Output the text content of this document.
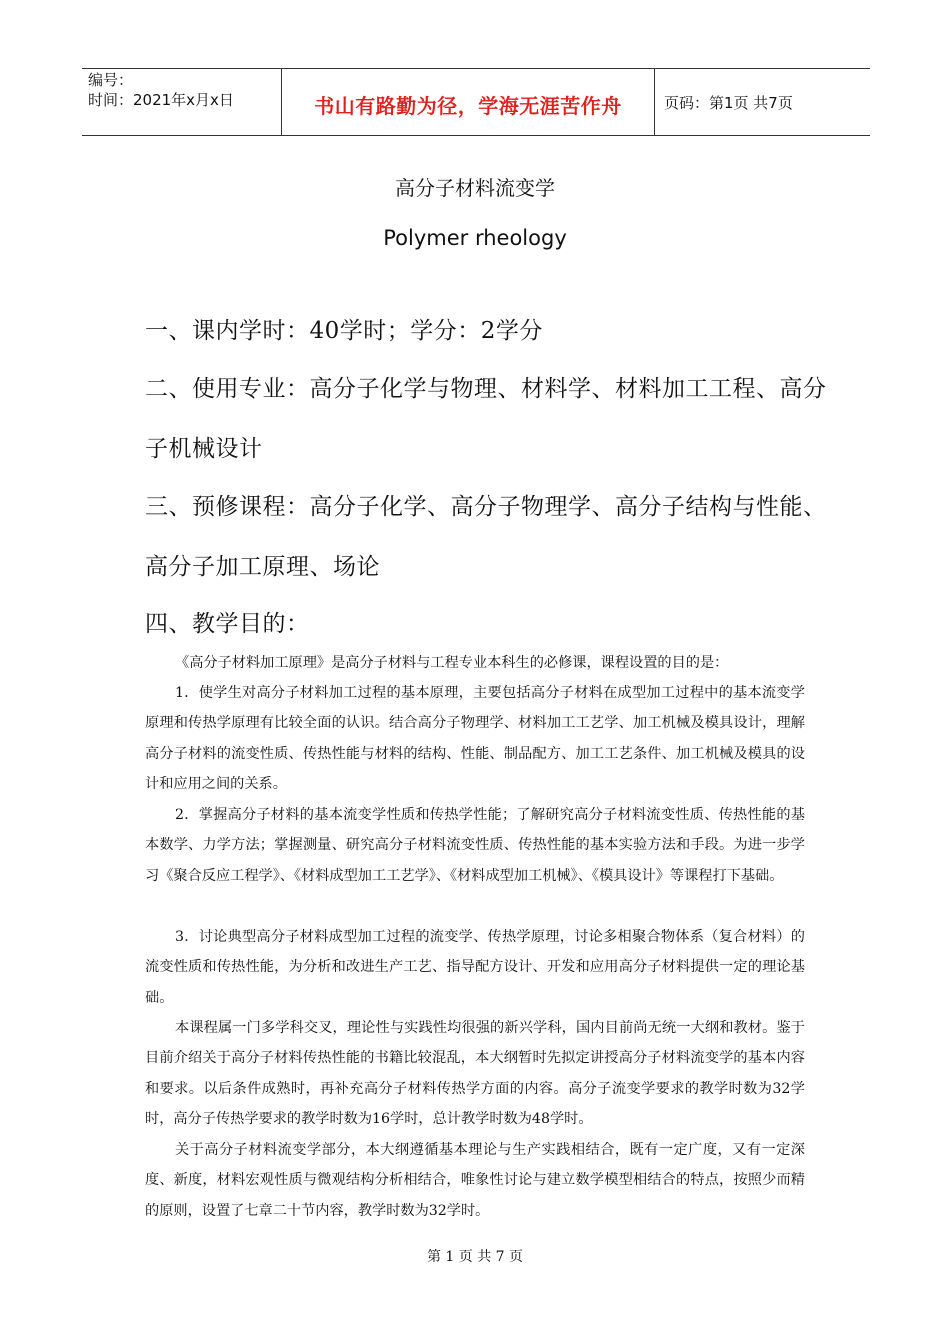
编号：
时间：2021年x月x日	书山有路勤为径，学海无涯苦作舟	页码：第1页 共7页
高分子材料流变学
Polymer rheology
一、课内学时：40学时；学分：2学分
二、使用专业：高分子化学与物理、材料学、材料加工工程、高分
子机械设计
三、预修课程：高分子化学、高分子物理学、高分子结构与性能、
高分子加工原理、场论
四、教学目的：
《高分子材料加工原理》是高分子材料与工程专业本科生的必修课，课程设置的目的是：
1．使学生对高分子材料加工过程的基本原理，主要包括高分子材料在成型加工过程中的基本流变学原理和传热学原理有比较全面的认识。结合高分子物理学、材料加工工艺学、加工机械及模具设计，理解高分子材料的流变性质、传热性能与材料的结构、性能、制品配方、加工工艺条件、加工机械及模具的设计和应用之间的关系。
2．掌握高分子材料的基本流变学性质和传热学性能；了解研究高分子材料流变性质、传热性能的基本数学、力学方法；掌握测量、研究高分子材料流变性质、传热性能的基本实验方法和手段。为进一步学习《聚合反应工程学》、《材料成型加工工艺学》、《材料成型加工机械》、《模具设计》等课程打下基础。
3．讨论典型高分子材料成型加工过程的流变学、传热学原理，讨论多相聚合物体系（复合材料）的流变性质和传热性能，为分析和改进生产工艺、指导配方设计、开发和应用高分子材料提供一定的理论基础。
本课程属一门多学科交叉，理论性与实践性均很强的新兴学科，国内目前尚无统一大纲和教材。鉴于目前介绍关于高分子材料传热性能的书籍比较混乱，本大纲暂时先拟定讲授高分子材料流变学的基本内容和要求。以后条件成熟时，再补充高分子材料传热学方面的内容。高分子流变学要求的教学时数为32学时，高分子传热学要求的教学时数为16学时，总计教学时数为48学时。
关于高分子材料流变学部分，本大纲遵循基本理论与生产实践相结合，既有一定广度，又有一定深度、新度，材料宏观性质与微观结构分析相结合，唯象性讨论与建立数学模型相结合的特点，按照少而精的原则，设置了七章二十节内容，教学时数为32学时。
第 1 页 共 7 页
